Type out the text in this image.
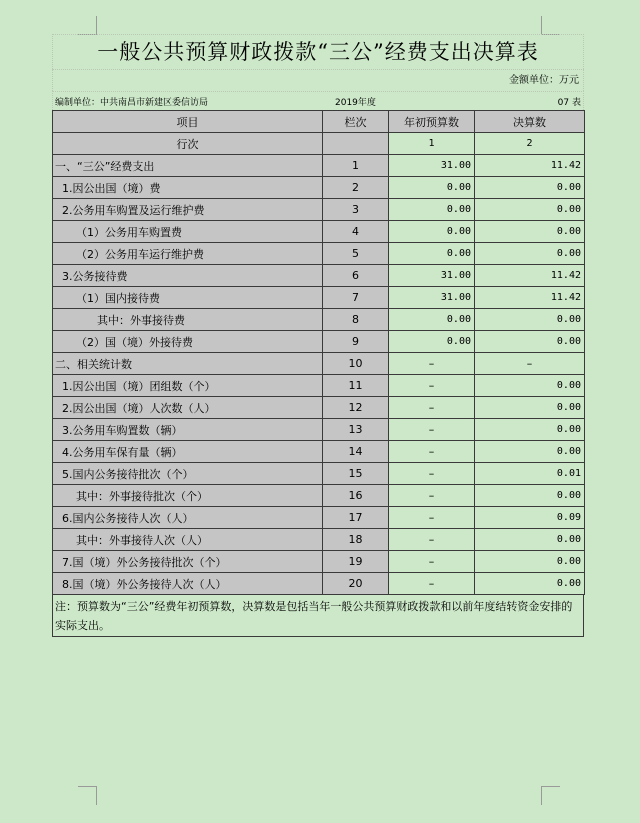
一般公共预算财政拨款“三公”经费支出决算表
金额单位：万元
编制单位：中共南昌市新建区委信访局	2019年度	07 表
项目	栏次	年初预算数	决算数
行次		1	2
一、“三公”经费支出	1	31.00	11.42
1.因公出国（境）费	2	0.00	0.00
2.公务用车购置及运行维护费	3	0.00	0.00
（1）公务用车购置费	4	0.00	0.00
（2）公务用车运行维护费	5	0.00	0.00
3.公务接待费	6	31.00	11.42
（1）国内接待费	7	31.00	11.42
其中：外事接待费	8	0.00	0.00
（2）国（境）外接待费	9	0.00	0.00
二、相关统计数	10	–	–
1.因公出国（境）团组数（个）	11	–	0.00
2.因公出国（境）人次数（人）	12	–	0.00
3.公务用车购置数（辆）	13	–	0.00
4.公务用车保有量（辆）	14	–	0.00
5.国内公务接待批次（个）	15	–	0.01
其中：外事接待批次（个）	16	–	0.00
6.国内公务接待人次（人）	17	–	0.09
其中：外事接待人次（人）	18	–	0.00
7.国（境）外公务接待批次（个）	19	–	0.00
8.国（境）外公务接待人次（人）	20	–	0.00
注：预算数为“三公”经费年初预算数，决算数是包括当年一般公共预算财政拨款和以前年度结转资金安排的实际支出。
